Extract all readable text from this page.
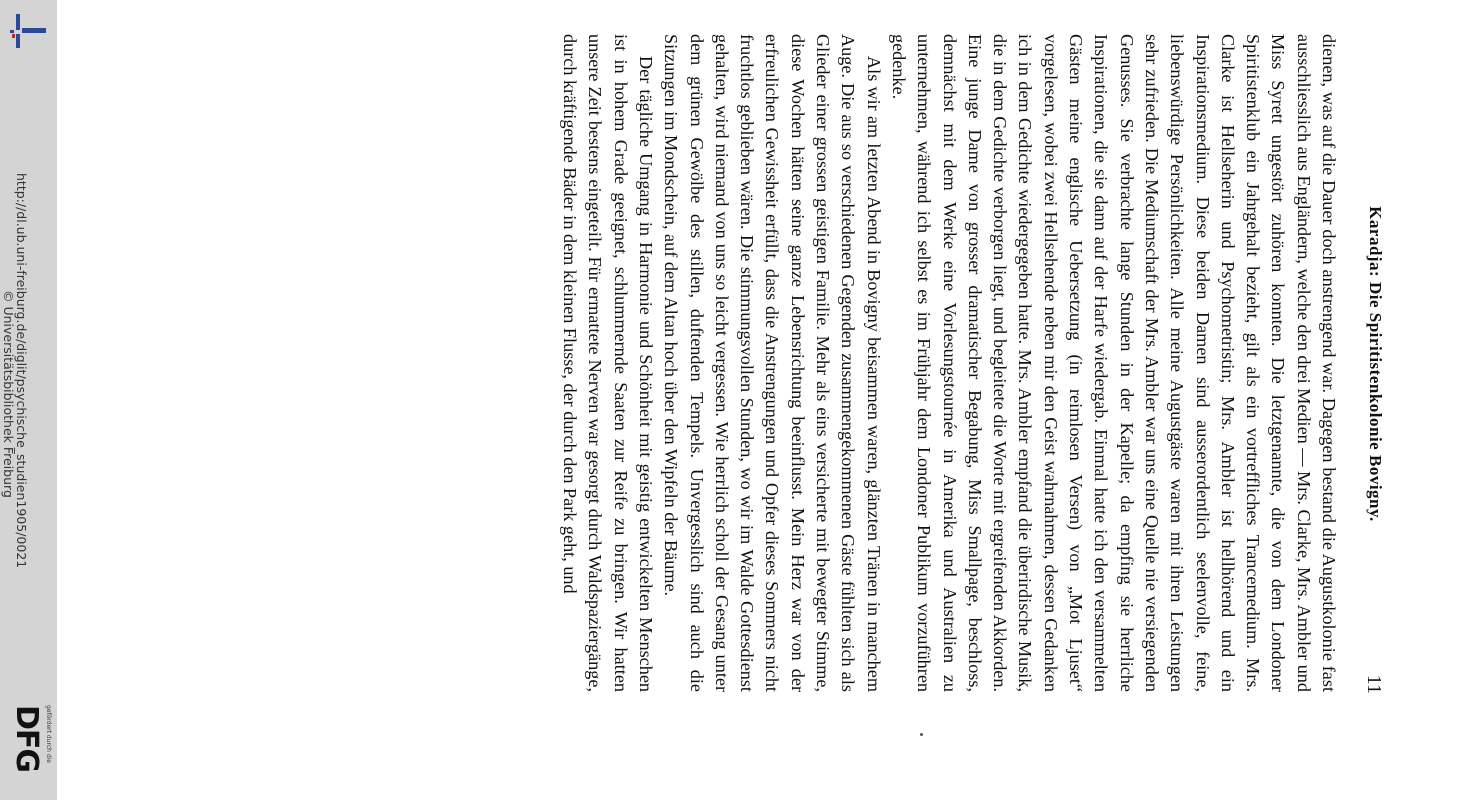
http://dl.ub.uni-freiburg.de/diglit/psychische_studien1905/0021
© Universitätsbibliothek Freiburg
gefördert durch die
DFG
Karadja: Die Spiritistenkolonie Bovigny.
11

dienen, was auf die Dauer doch anstrengend war. Dagegen bestand die Augustkolonie fast ausschliesslich aus Engländern, welche den drei Medien — Mrs. Clarke, Mrs. Ambler und Miss Syrett ungestört zuhören konnten. Die letztgenannte, die von dem Londoner Spiritistenklub ein Jahrgehalt bezieht, gilt als ein vortreffliches Trancemedium. Mrs. Clarke ist Hellseherin und Psychometristin; Mrs. Ambler ist hellhörend und ein Inspirationsmedium. Diese beiden Damen sind ausserordentlich seelenvolle, feine, liebenswürdige Persönlichkeiten. Alle meine Augustgäste waren mit ihren Leistungen sehr zufrieden. Die Mediumschaft der Mrs. Ambler war uns eine Quelle nie versiegenden Genusses. Sie verbrachte lange Stunden in der Kapelle; da empfing sie herrliche Inspirationen, die sie dann auf der Harfe wiedergab. Einmal hatte ich den versammelten Gästen meine englische Uebersetzung (in reimlosen Versen) von „Mot Ljuset“ vorgelesen, wobei zwei Hellsehende neben mir den Geist wahrnahmen, dessen Gedanken ich in dem Gedichte wiedergegeben hatte. Mrs. Ambler empfand die überirdische Musik, die in dem Gedichte verborgen liegt, und begleitete die Worte mit ergreifenden Akkorden. Eine junge Dame von grosser dramatischer Begabung, Miss Smallpage, beschloss, demnächst mit dem Werke eine Vorlesungstournée in Amerika und Australien zu unternehmen, während ich selbst es im Frühjahr dem Londoner Publikum vorzuführen gedenke.

Als wir am letzten Abend in Bovigny beisammen waren, glänzten Tränen in manchem Auge. Die aus so verschiedenen Gegenden zusammengekommenen Gäste fühlten sich als Glieder einer grossen geistigen Familie. Mehr als eins versicherte mit bewegter Stimme, diese Wochen hätten seine ganze Lebensrichtung beeinflusst. Mein Herz war von der erfreulichen Gewissheit erfüllt, dass die Anstrengungen und Opfer dieses Sommers nicht fruchtlos geblieben wären. Die stimmungsvollen Stunden, wo wir im Walde Gottesdienst gehalten, wird niemand von uns so leicht vergessen. Wie herrlich scholl der Gesang unter dem grünen Gewölbe des stillen, duftenden Tempels. Unvergesslich sind auch die Sitzungen im Mondschein, auf dem Altan hoch über den Wipfeln der Bäume.

Der tägliche Umgang in Harmonie und Schönheit mit geistig entwickelten Menschen ist in hohem Grade geeignet, schlummernde Saaten zur Reife zu bringen. Wir hatten unsere Zeit bestens eingeteilt. Für ermattete Nerven war gesorgt durch Waldspaziergänge, durch kräftigende Bäder in dem kleinen Flusse, der durch den Park geht, und
